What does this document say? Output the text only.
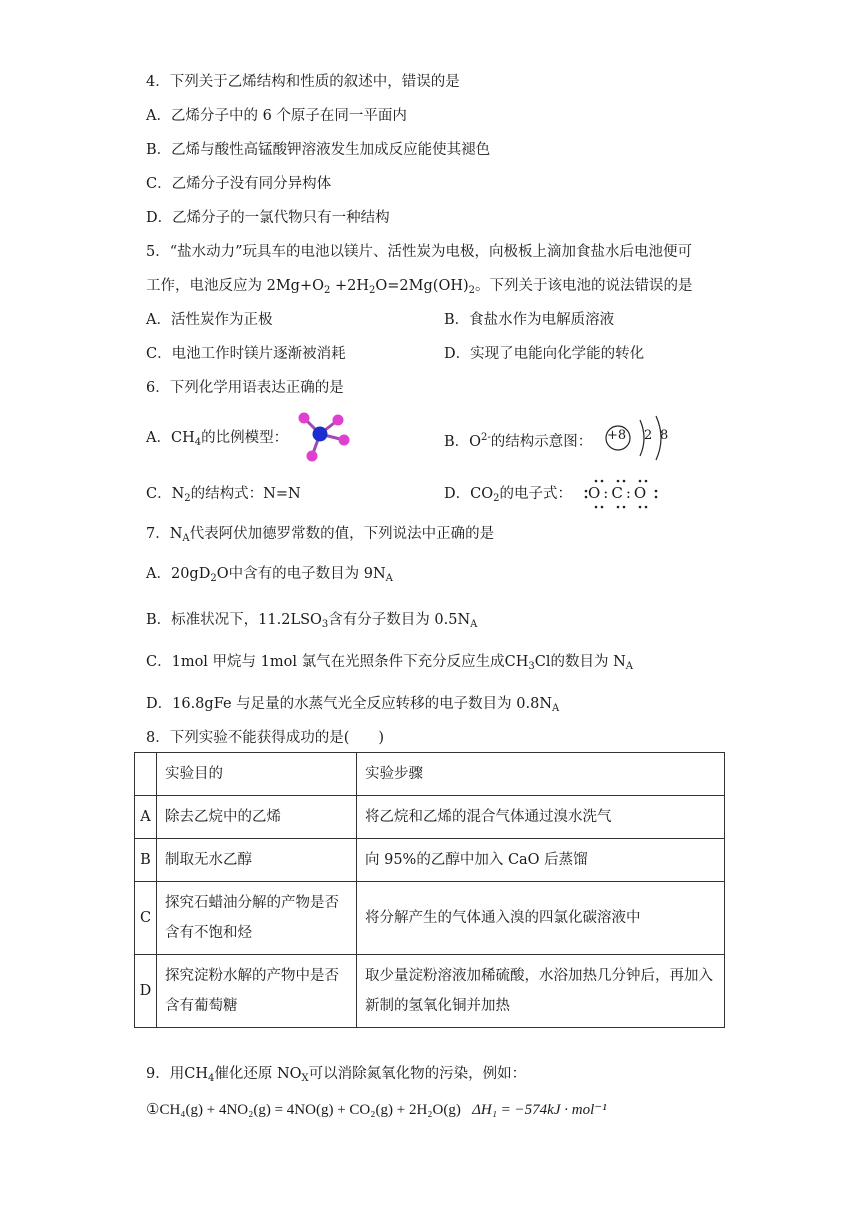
4．下列关于乙烯结构和性质的叙述中，错误的是
A．乙烯分子中的 6 个原子在同一平面内
B．乙烯与酸性高锰酸钾溶液发生加成反应能使其褪色
C．乙烯分子没有同分异构体
D．乙烯分子的一氯代物只有一种结构
5．“盐水动力”玩具车的电池以镁片、活性炭为电极，向极板上滴加食盐水后电池便可
工作，电池反应为 $2Mg+O_2 +2H_2O=2Mg(OH)_2$。下列关于该电池的说法错误的是
A．活性炭作为正极	B．食盐水作为电解质溶液
C．电池工作时镁片逐渐被消耗	D．实现了电能向化学能的转化
6．下列化学用语表达正确的是
A．$CH_4$的比例模型：	B．$O^{2-}$的结构示意图： +8 2 8
C．$N_2$的结构式：N=N	D．$CO_2$的电子式： O:C:O
7．$N_A$代表阿伏加德罗常数的值，下列说法中正确的是
A．$20gD_2O$中含有的电子数目为 $9N_A$
B．标准状况下，$11.2LSO_3$含有分子数目为 $0.5N_A$
C．1mol 甲烷与 1mol 氯气在光照条件下充分反应生成$CH_3Cl$的数目为 $N_A$
D．16.8gFe 与足量的水蒸气光全反应转移的电子数目为 $0.8N_A$
8．下列实验不能获得成功的是(　　)
	实验目的	实验步骤
A	除去乙烷中的乙烯	将乙烷和乙烯的混合气体通过溴水洗气
B	制取无水乙醇	向 95%的乙醇中加入 CaO 后蒸馏
C	探究石蜡油分解的产物是否含有不饱和烃	将分解产生的气体通入溴的四氯化碳溶液中
D	探究淀粉水解的产物中是否含有葡萄糖	取少量淀粉溶液加稀硫酸，水浴加热几分钟后，再加入新制的氢氧化铜并加热
9．用$CH_4$催化还原 $NO_X$可以消除氮氧化物的污染，例如：
①CH₄(g) + 4NO₂(g) = 4NO(g) + CO₂(g) + 2H₂O(g) ΔH₁ = −574kJ · mol⁻¹
